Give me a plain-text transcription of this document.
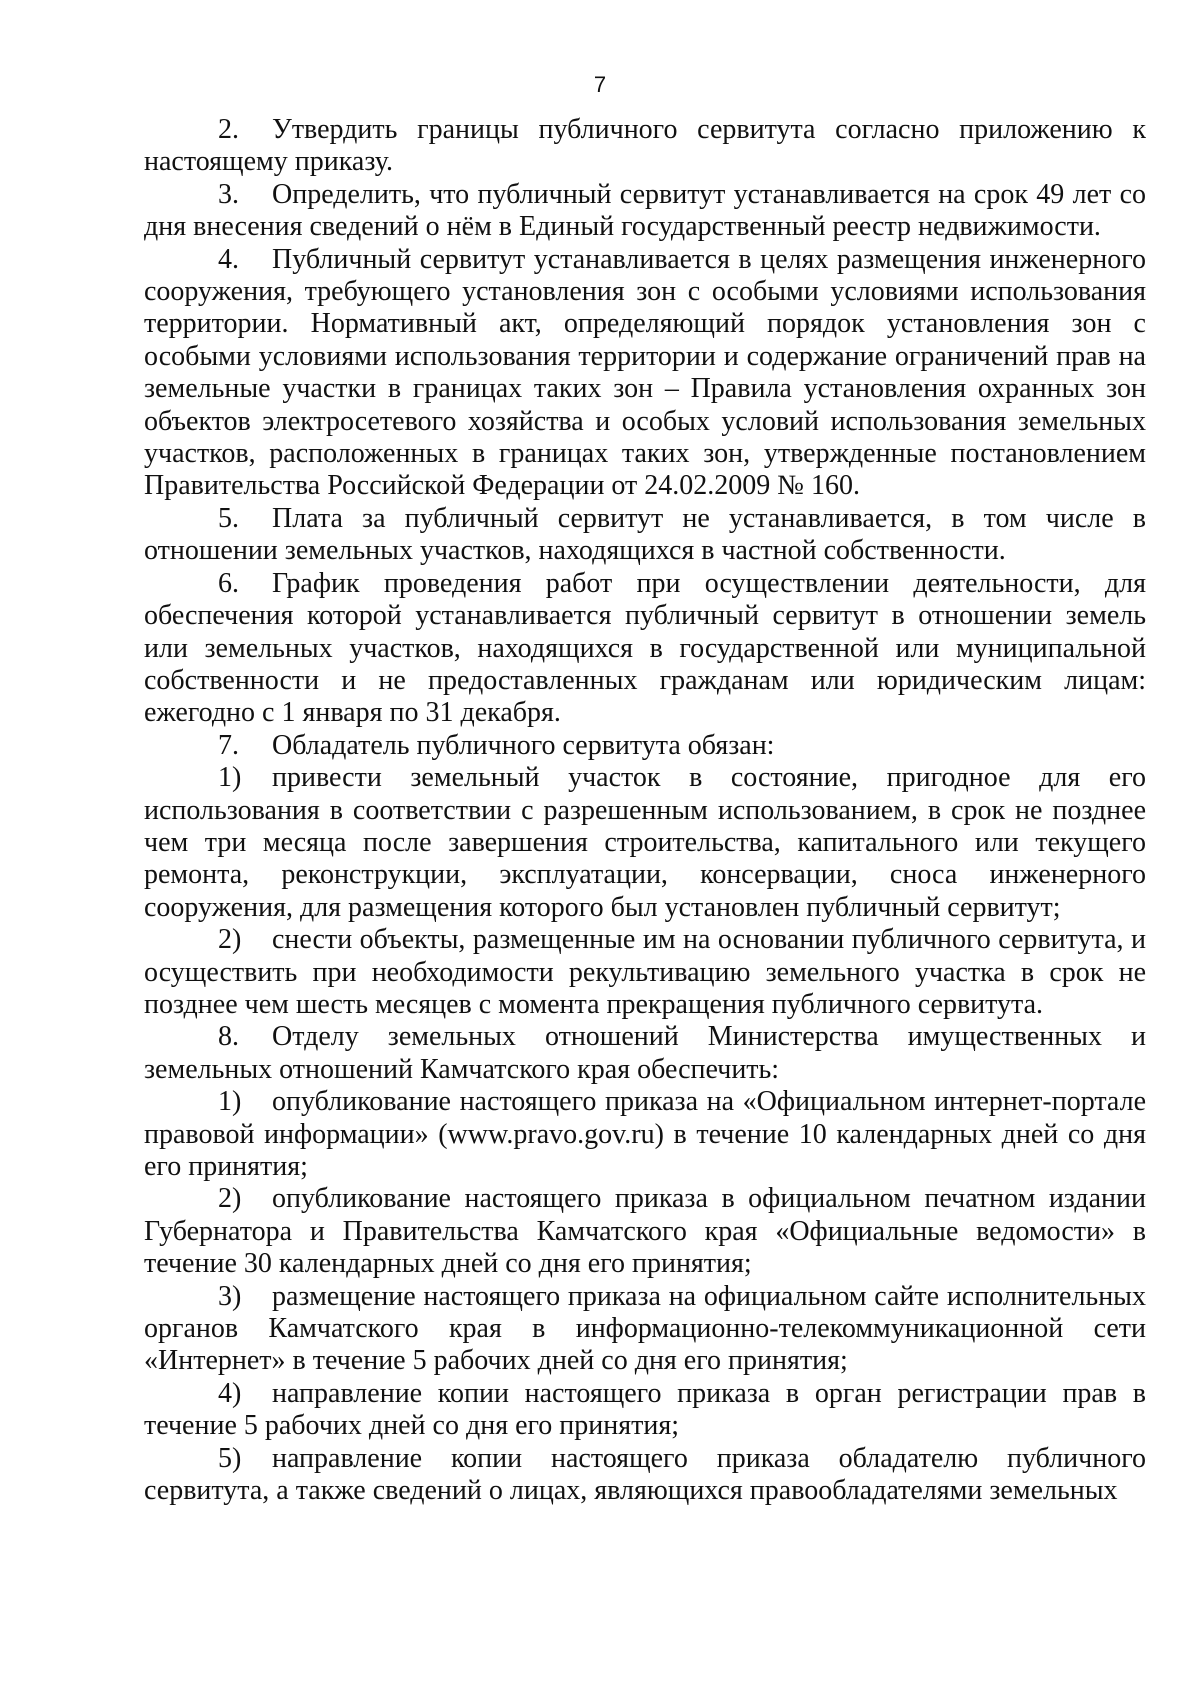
7

2. Утвердить границы публичного сервитута согласно приложению к настоящему приказу.

3. Определить, что публичный сервитут устанавливается на срок 49 лет со дня внесения сведений о нём в Единый государственный реестр недвижимости.

4. Публичный сервитут устанавливается в целях размещения инженерного сооружения, требующего установления зон с особыми условиями использования территории. Нормативный акт, определяющий порядок установления зон с особыми условиями использования территории и содержание ограничений прав на земельные участки в границах таких зон – Правила установления охранных зон объектов электросетевого хозяйства и особых условий использования земельных участков, расположенных в границах таких зон, утвержденные постановлением Правительства Российской Федерации от 24.02.2009 № 160.

5. Плата за публичный сервитут не устанавливается, в том числе в отношении земельных участков, находящихся в частной собственности.

6. График проведения работ при осуществлении деятельности, для обеспечения которой устанавливается публичный сервитут в отношении земель или земельных участков, находящихся в государственной или муниципальной собственности и не предоставленных гражданам или юридическим лицам: ежегодно с 1 января по 31 декабря.

7. Обладатель публичного сервитута обязан:

1) привести земельный участок в состояние, пригодное для его использования в соответствии с разрешенным использованием, в срок не позднее чем три месяца после завершения строительства, капитального или текущего ремонта, реконструкции, эксплуатации, консервации, сноса инженерного сооружения, для размещения которого был установлен публичный сервитут;

2) снести объекты, размещенные им на основании публичного сервитута, и осуществить при необходимости рекультивацию земельного участка в срок не позднее чем шесть месяцев с момента прекращения публичного сервитута.

8. Отделу земельных отношений Министерства имущественных и земельных отношений Камчатского края обеспечить:

1) опубликование настоящего приказа на «Официальном интернет-портале правовой информации» (www.pravo.gov.ru) в течение 10 календарных дней со дня его принятия;

2) опубликование настоящего приказа в официальном печатном издании Губернатора и Правительства Камчатского края «Официальные ведомости» в течение 30 календарных дней со дня его принятия;

3) размещение настоящего приказа на официальном сайте исполнительных органов Камчатского края в информационно-телекоммуникационной сети «Интернет» в течение 5 рабочих дней со дня его принятия;

4) направление копии настоящего приказа в орган регистрации прав в течение 5 рабочих дней со дня его принятия;

5) направление копии настоящего приказа обладателю публичного сервитута, а также сведений о лицах, являющихся правообладателями земельных
